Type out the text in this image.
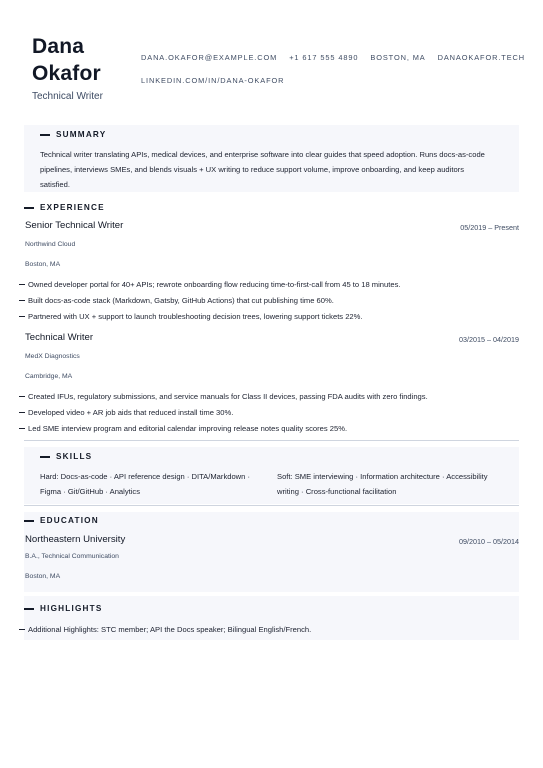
Dana
Okafor
Technical Writer
DANA.OKAFOR@EXAMPLE.COM +1 617 555 4890 BOSTON, MA DANAOKAFOR.TECH
LINKEDIN.COM/IN/DANA-OKAFOR
SUMMARY
Technical writer translating APIs, medical devices, and enterprise software into clear guides that speed adoption. Runs docs-as-code
pipelines, interviews SMEs, and blends visuals + UX writing to reduce support volume, improve onboarding, and keep auditors
satisfied.
EXPERIENCE
Senior Technical Writer	05/2019 – Present
Northwind Cloud
Boston, MA
Owned developer portal for 40+ APIs; rewrote onboarding flow reducing time-to-first-call from 45 to 18 minutes.
Built docs-as-code stack (Markdown, Gatsby, GitHub Actions) that cut publishing time 60%.
Partnered with UX + support to launch troubleshooting decision trees, lowering support tickets 22%.
Technical Writer	03/2015 – 04/2019
MedX Diagnostics
Cambridge, MA
Created IFUs, regulatory submissions, and service manuals for Class II devices, passing FDA audits with zero findings.
Developed video + AR job aids that reduced install time 30%.
Led SME interview program and editorial calendar improving release notes quality scores 25%.
SKILLS
Hard: Docs-as-code · API reference design · DITA/Markdown ·
Figma · Git/GitHub · Analytics
Soft: SME interviewing · Information architecture · Accessibility
writing · Cross-functional facilitation
EDUCATION
Northeastern University	09/2010 – 05/2014
B.A., Technical Communication
Boston, MA
HIGHLIGHTS
Additional Highlights: STC member; API the Docs speaker; Bilingual English/French.
